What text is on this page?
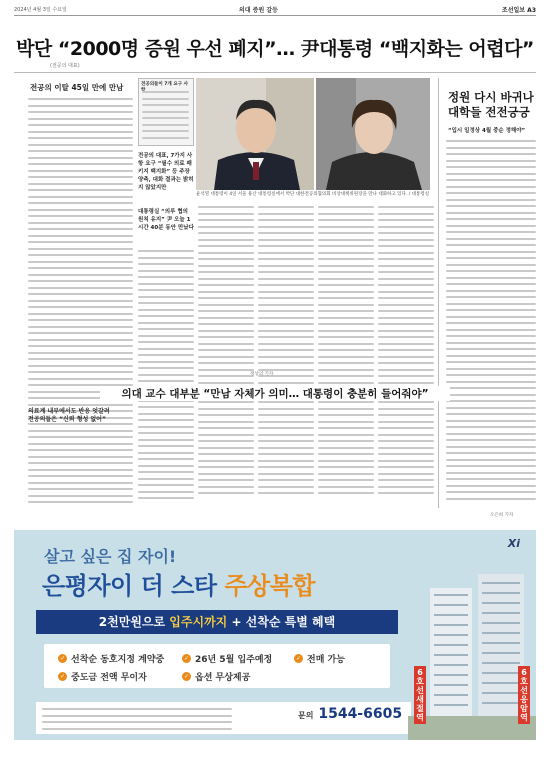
2024년 4월 3일 수요일	의대 증원 갈등	조선일보 A3
박단 “2000명 증원 우선 폐지”… 尹대통령 “백지화는 어렵다”
(전공의 대표)
전공의 이탈 45일 만에 만남	전공의들이 7개 요구 사
전공의 대표, 7가지 사항 요구 “필수 의료 패키지 백지화” 등 주장 양측, 대화 결과는 밝히지 않았지만
대통령실 “의루 협의 원칙 유지” 尹 오늘 1시간 40분 동안 만났다
윤석열 대통령이 4일 서울 용산 대통령실에서 박단 대한전공의협의회 비상대책위원장을 만나 대화하고 있다. / 대통령실
정원 다시 바귀나 대학들 전전긍긍
“입시 일정상 4월 중순 정해야”
의대 교수 대부분 “만남 자체가 의미… 대통령이 충분히 들어줘야”
의료계 내부에서도 반응 엇갈려
전공의들은 “신뢰 형성 없어”
정상의 기자
오은희 기자
살고 싶은 집 자이!
Xi
은평자이 더 스타 주상복합
2천만원으로 입주시까지 + 선착순 특별 혜택
✓ 선착순 동호지정 계약중	✓ 26년 5월 입주예정	✓ 전매 가능
✓ 중도금 전액 무이자	✓ 옵션 무상제공
문의 1544-6605
6호선 새절역
6호선 응암역
